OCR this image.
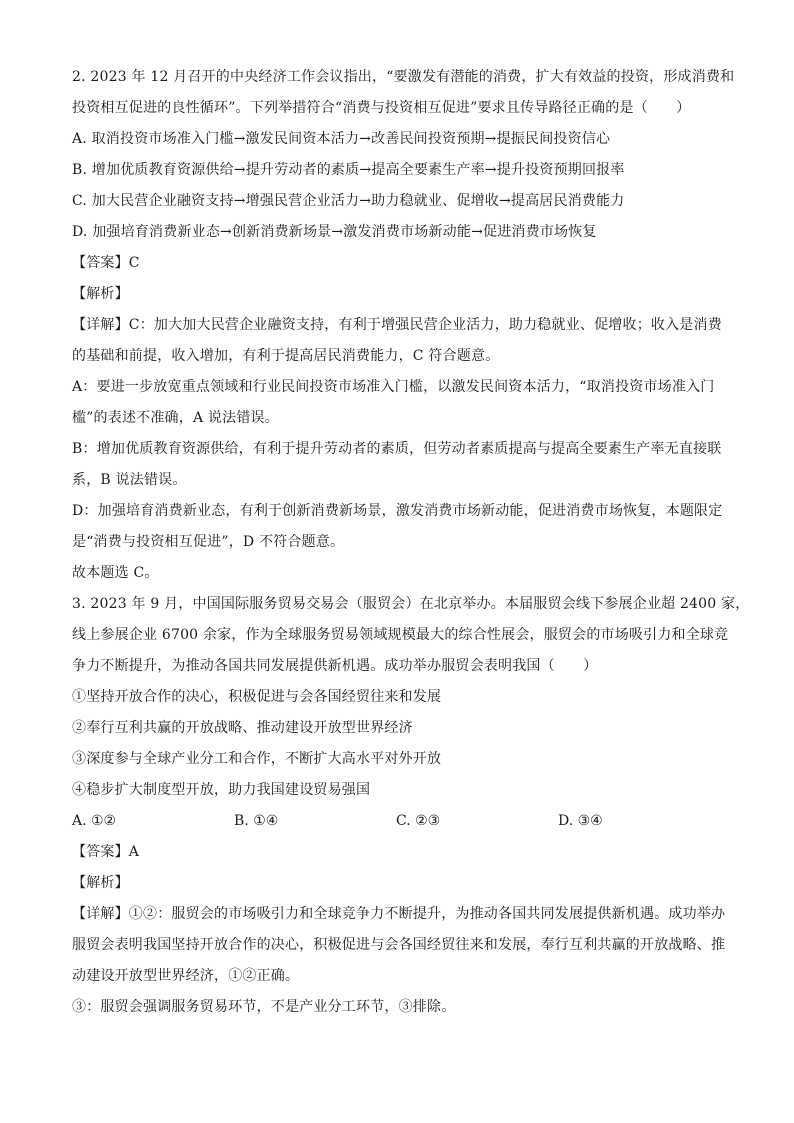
2. 2023 年 12 月召开的中央经济工作会议指出，“要激发有潜能的消费，扩大有效益的投资，形成消费和
投资相互促进的良性循环”。下列举措符合“消费与投资相互促进”要求且传导路径正确的是（　　）
A. 取消投资市场准入门槛→激发民间资本活力→改善民间投资预期→提振民间投资信心
B. 增加优质教育资源供给→提升劳动者的素质→提高全要素生产率→提升投资预期回报率
C. 加大民营企业融资支持→增强民营企业活力→助力稳就业、促增收→提高居民消费能力
D. 加强培育消费新业态→创新消费新场景→激发消费市场新动能→促进消费市场恢复
【答案】C
【解析】
【详解】C：加大加大民营企业融资支持，有利于增强民营企业活力，助力稳就业、促增收；收入是消费
的基础和前提，收入增加，有利于提高居民消费能力，C 符合题意。
A：要进一步放宽重点领域和行业民间投资市场准入门槛，以激发民间资本活力，“取消投资市场准入门
槛”的表述不准确，A 说法错误。
B：增加优质教育资源供给，有利于提升劳动者的素质，但劳动者素质提高与提高全要素生产率无直接联
系，B 说法错误。
D：加强培育消费新业态，有利于创新消费新场景，激发消费市场新动能，促进消费市场恢复，本题限定
是“消费与投资相互促进”，D 不符合题意。
故本题选 C。
3. 2023 年 9 月，中国国际服务贸易交易会（服贸会）在北京举办。本届服贸会线下参展企业超 2400 家，
线上参展企业 6700 余家，作为全球服务贸易领域规模最大的综合性展会，服贸会的市场吸引力和全球竞
争力不断提升，为推动各国共同发展提供新机遇。成功举办服贸会表明我国（　　）
①坚持开放合作的决心，积极促进与会各国经贸往来和发展
②奉行互利共赢的开放战略、推动建设开放型世界经济
③深度参与全球产业分工和合作，不断扩大高水平对外开放
④稳步扩大制度型开放，助力我国建设贸易强国
A. ①②	B. ①④	C. ②③	D. ③④
【答案】A
【解析】
【详解】①②：服贸会的市场吸引力和全球竞争力不断提升，为推动各国共同发展提供新机遇。成功举办
服贸会表明我国坚持开放合作的决心，积极促进与会各国经贸往来和发展，奉行互利共赢的开放战略、推
动建设开放型世界经济，①②正确。
③：服贸会强调服务贸易环节，不是产业分工环节，③排除。
